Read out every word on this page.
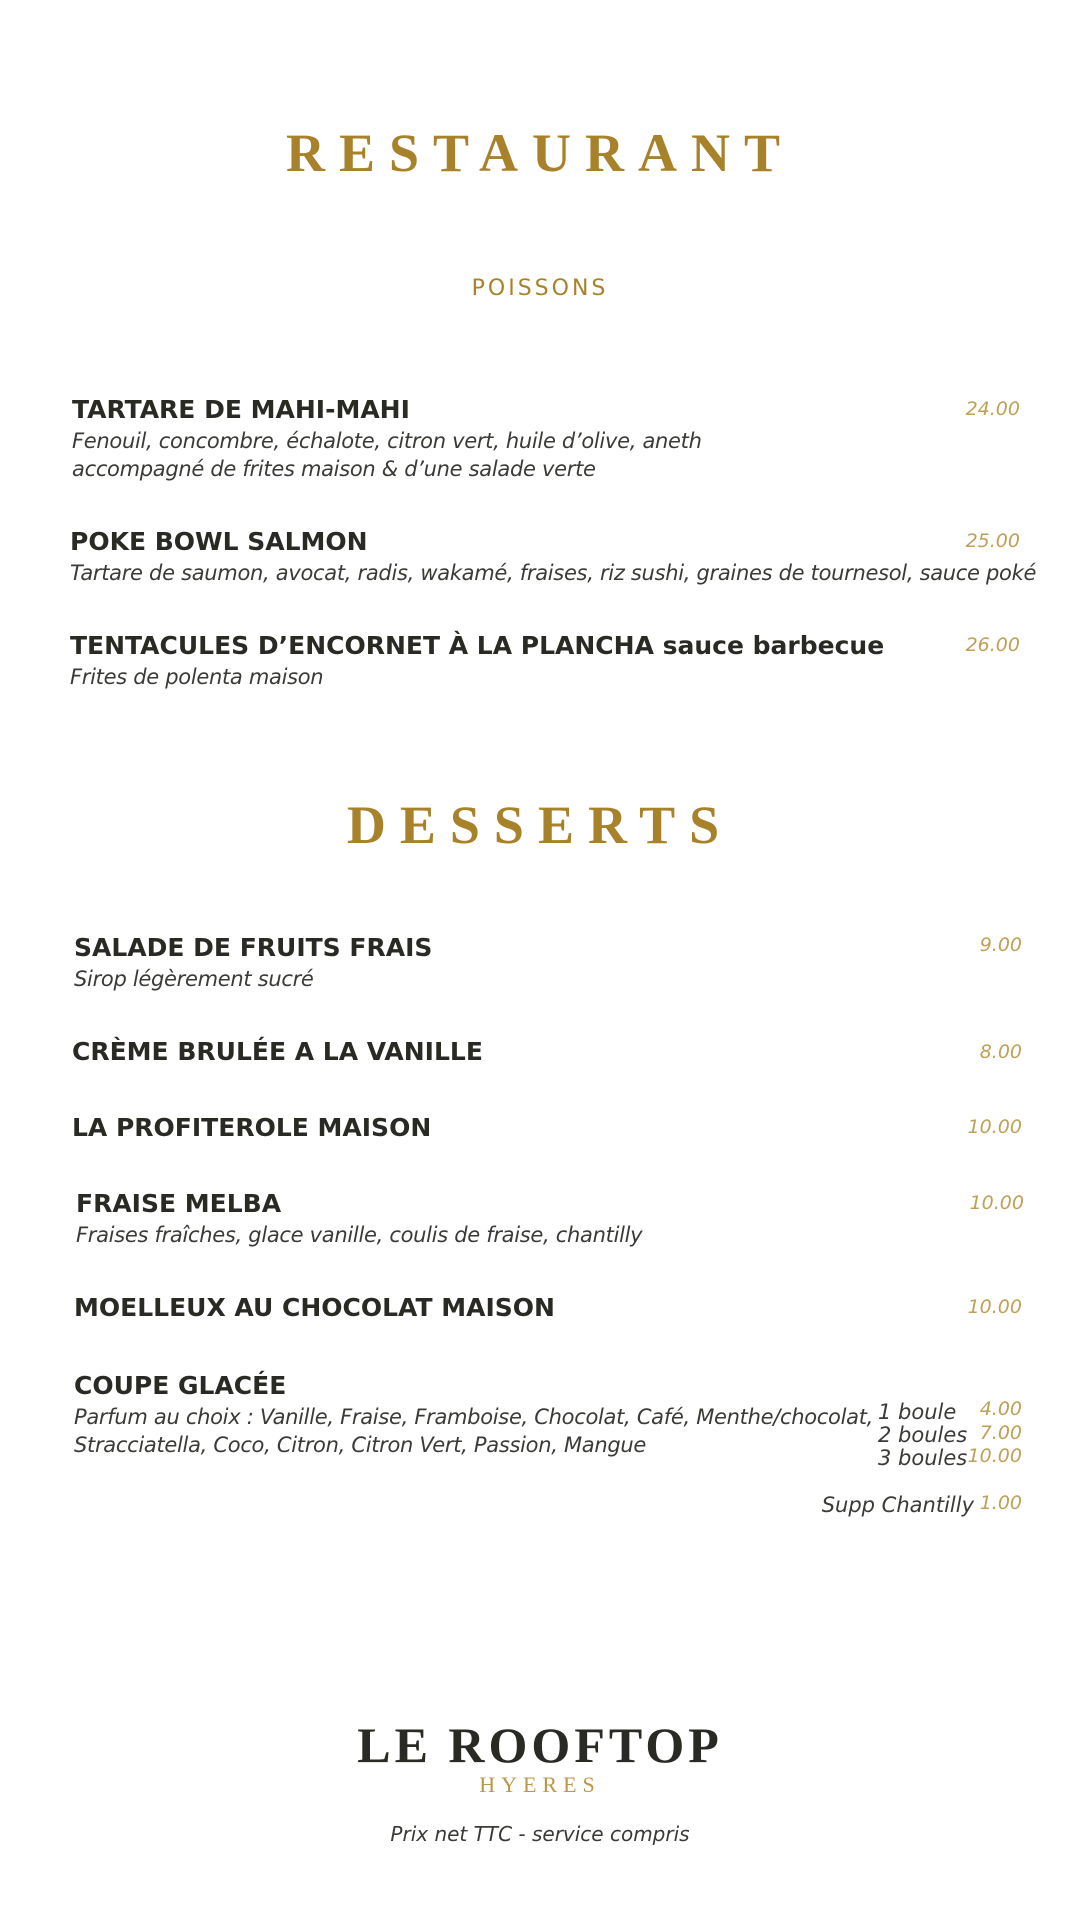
RESTAURANT
POISSONS
TARTARE DE MAHI-MAHI
Fenouil, concombre, échalote, citron vert, huile d’olive, aneth
accompagné de frites maison & d’une salade verte
24.00
POKE BOWL SALMON
Tartare de saumon, avocat, radis, wakamé, fraises, riz sushi, graines de tournesol, sauce poké
25.00
TENTACULES D’ENCORNET À LA PLANCHA sauce barbecue
Frites de polenta maison
26.00
DESSERTS
SALADE DE FRUITS FRAIS
Sirop légèrement sucré
9.00
CRÈME BRULÉE A LA VANILLE	8.00
LA PROFITEROLE MAISON	10.00
FRAISE MELBA
Fraises fraîches, glace vanille, coulis de fraise, chantilly
10.00
MOELLEUX AU CHOCOLAT MAISON	10.00
COUPE GLACÉE
Parfum au choix : Vanille, Fraise, Framboise, Chocolat, Café, Menthe/chocolat,
Stracciatella, Coco, Citron, Citron Vert, Passion, Mangue
1 boule 4.00
2 boules 7.00
3 boules 10.00
Supp Chantilly 1.00
LE ROOFTOP
HYERES
Prix net TTC - service compris
